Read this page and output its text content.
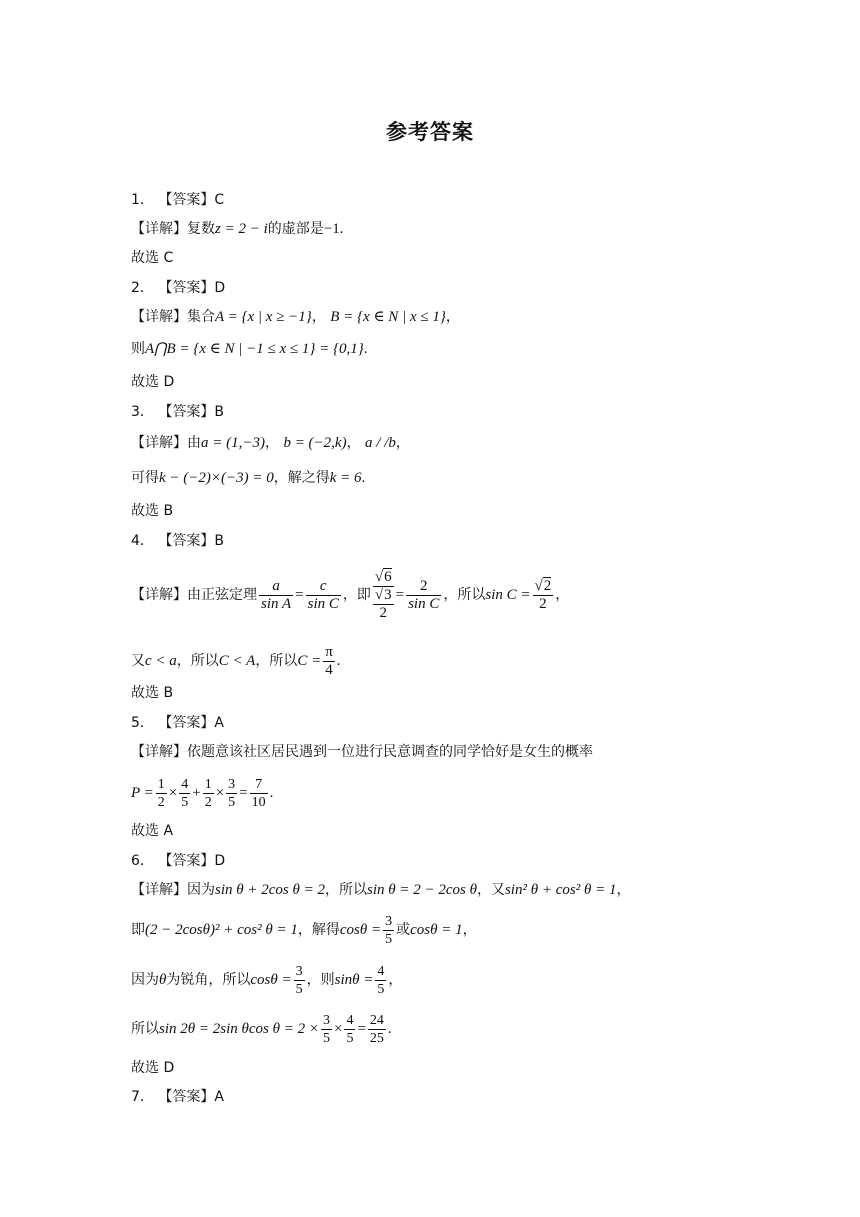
参考答案
1． 【答案】C
【详解】复数z = 2 − i的虚部是−1.
故选 C
2． 【答案】D
【详解】集合A = {x | x ≥ −1}， B = {x ∈ N | x ≤ 1}，
则A⋂B = {x ∈ N | −1 ≤ x ≤ 1} = {0,1}.
故选 D
3． 【答案】B
【详解】由a = (1,−3)， b = (−2,k)， a / /b，
可得k − (−2)×(−3) = 0，解之得k = 6.
故选 B
4． 【答案】B
【详解】由正弦定理 $\frac{a}{\text{sin A}} = \frac{c}{\text{sin C}}$ ，即
√6
√3
2
= $\frac{2}{\text{sin C}}$ ，所以$\sin C = \frac{√2}{2}$ ，
又c < a，所以C < A，所以$C = \frac{\pi}{4}$ .
故选 B
5． 【答案】A
【详解】依题意该社区居民遇到一位进行民意调查的同学恰好是女生的概率
$P = \frac{1}{2} \times \frac{4}{5} + \frac{1}{2} \times \frac{3}{5} = \frac{7}{10}$ .
故选 A
6． 【答案】D
【详解】因为sin θ + 2cos θ = 2，所以sin θ = 2 − 2cos θ，又sin² θ + cos² θ = 1，
即(2 − 2cosθ)² + cos² θ = 1，解得$\cos\theta = \frac{3}{5}$ 或cosθ = 1，
因为θ为锐角，所以$\cos\theta = \frac{3}{5}$ ，则$\sin\theta = \frac{4}{5}$ ，
所以sin 2θ = 2sin θcos $\theta = 2 \times \frac{3}{5} \times \frac{4}{5} = \frac{24}{25}$ .
故选 D
7． 【答案】A
